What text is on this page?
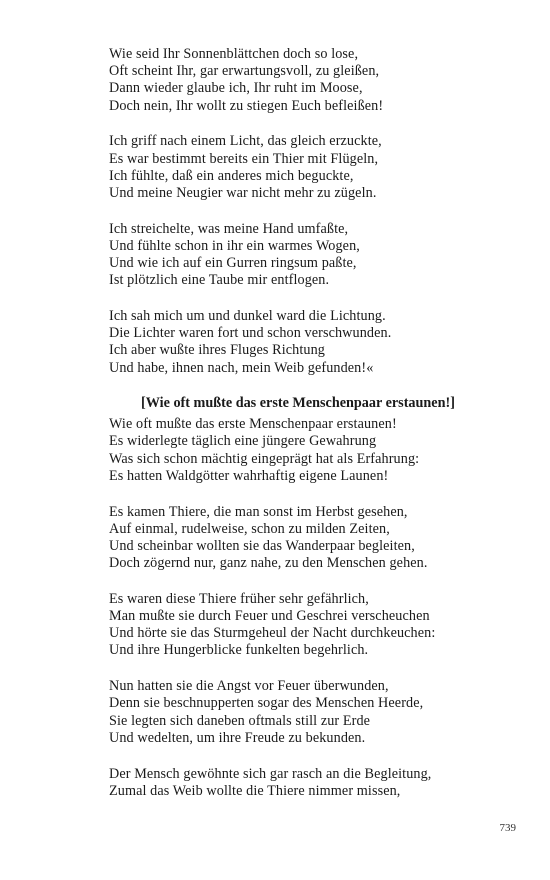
Wie seid Ihr Sonnenblättchen doch so lose,
Oft scheint Ihr, gar erwartungsvoll, zu gleißen,
Dann wieder glaube ich, Ihr ruht im Moose,
Doch nein, Ihr wollt zu stiegen Euch befleißen!
Ich griff nach einem Licht, das gleich erzuckte,
Es war bestimmt bereits ein Thier mit Flügeln,
Ich fühlte, daß ein anderes mich beguckte,
Und meine Neugier war nicht mehr zu zügeln.
Ich streichelte, was meine Hand umfaßte,
Und fühlte schon in ihr ein warmes Wogen,
Und wie ich auf ein Gurren ringsum paßte,
Ist plötzlich eine Taube mir entflogen.
Ich sah mich um und dunkel ward die Lichtung.
Die Lichter waren fort und schon verschwunden.
Ich aber wußte ihres Fluges Richtung
Und habe, ihnen nach, mein Weib gefunden!«
[Wie oft mußte das erste Menschenpaar erstaunen!]
Wie oft mußte das erste Menschenpaar erstaunen!
Es widerlegte täglich eine jüngere Gewahrung
Was sich schon mächtig eingeprägt hat als Erfahrung:
Es hatten Waldgötter wahrhaftig eigene Launen!
Es kamen Thiere, die man sonst im Herbst gesehen,
Auf einmal, rudelweise, schon zu milden Zeiten,
Und scheinbar wollten sie das Wanderpaar begleiten,
Doch zögernd nur, ganz nahe, zu den Menschen gehen.
Es waren diese Thiere früher sehr gefährlich,
Man mußte sie durch Feuer und Geschrei verscheuchen
Und hörte sie das Sturmgeheul der Nacht durchkeuchen:
Und ihre Hungerblicke funkelten begehrlich.
Nun hatten sie die Angst vor Feuer überwunden,
Denn sie beschnupperten sogar des Menschen Heerde,
Sie legten sich daneben oftmals still zur Erde
Und wedelten, um ihre Freude zu bekunden.
Der Mensch gewöhnte sich gar rasch an die Begleitung,
Zumal das Weib wollte die Thiere nimmer missen,
739
